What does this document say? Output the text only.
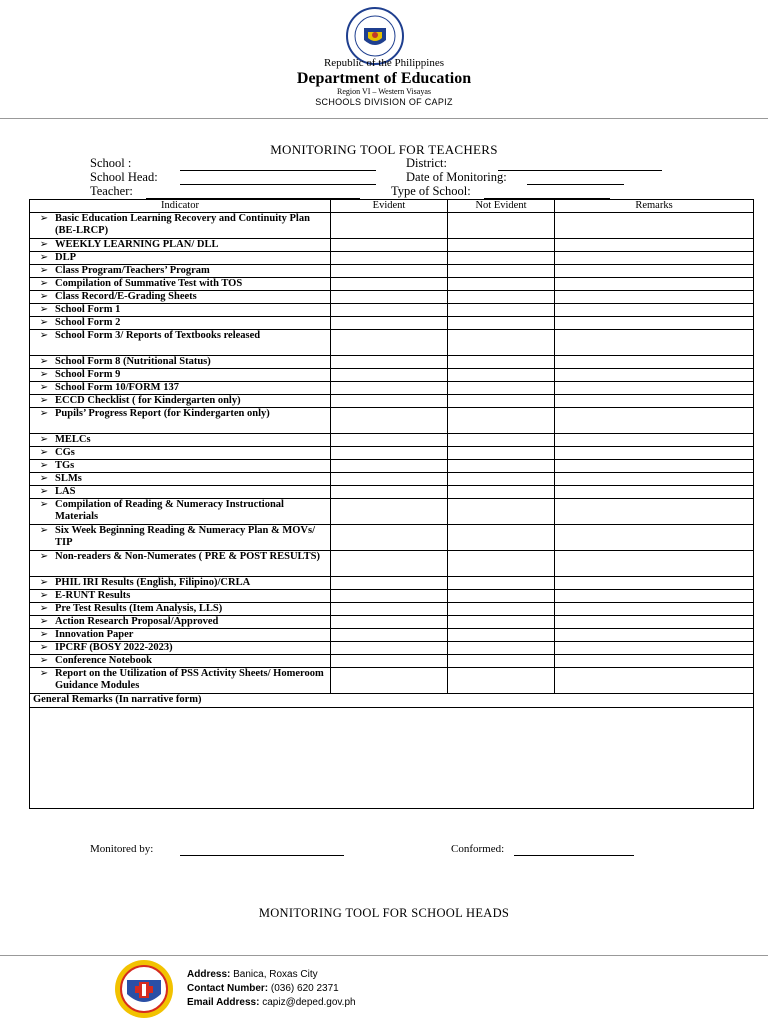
Republic of the Philippines
Department of Education
Region VI – Western Visayas
SCHOOLS DIVISION OF CAPIZ
MONITORING TOOL FOR TEACHERS
School :	District:
School Head:	Date of Monitoring:
Teacher:	Type of School:
Indicator	Evident	Not Evident	Remarks

➢ Basic Education Learning Recovery and Continuity Plan (BE-LRCP)			

➢ WEEKLY LEARNING PLAN/ DLL			

➢ DLP			

➢ Class Program/Teachers’ Program			

➢ Compilation of Summative Test with TOS			

➢ Class Record/E-Grading Sheets			

➢ School Form 1			

➢ School Form 2			

➢ School Form 3/ Reports of Textbooks released			

➢ School Form 8 (Nutritional Status)			

➢ School Form 9			

➢ School Form 10/FORM 137			

➢ ECCD Checklist ( for Kindergarten only)			

➢ Pupils’ Progress Report (for Kindergarten only)			

➢ MELCs			

➢ CGs			

➢ TGs			

➢ SLMs			

➢ LAS			

➢ Compilation of Reading & Numeracy Instructional Materials			

➢ Six Week Beginning Reading & Numeracy Plan & MOVs/ TIP			

➢ Non-readers & Non-Numerates ( PRE & POST RESULTS)			

➢ PHIL IRI Results (English, Filipino)/CRLA			

➢ E-RUNT Results			

➢ Pre Test Results (Item Analysis, LLS)			

➢ Action Research Proposal/Approved			

➢ Innovation Paper			

➢ IPCRF (BOSY 2022-2023)			

➢ Conference Notebook			

➢ Report on the Utilization of PSS Activity Sheets/ Homeroom Guidance Modules			

General Remarks (In narrative form)			

Monitored by:	Conformed:
MONITORING TOOL FOR SCHOOL HEADS
Address: Banica, Roxas City
Contact Number: (036) 620 2371
Email Address: capiz@deped.gov.ph
